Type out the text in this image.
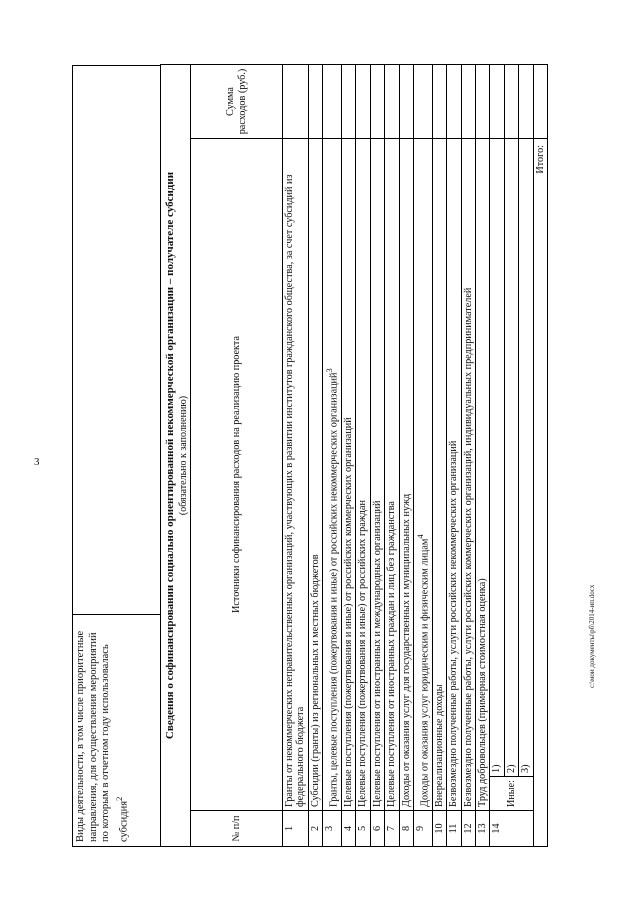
3
Виды деятельности, в том числе приоритетные направления, для осуществления мероприятий по которым в отчетном году использовалась субсидия$^2$
Сведения о софинансировании социально ориентированной некоммерческой организации – получателе субсидии (обязательно к заполнению)			

№ п/п	Источники софинансирования расходов на реализацию проекта		Сумма расходов (руб.)
1	Гранты от некоммерческих неправительственных организаций, участвующих в развитии институтов гражданского общества, за счет субсидий из федерального бюджета		
2	Субсидии (гранты) из региональных и местных бюджетов		
3	Гранты, целевые поступления (пожертвования и иные) от российских некоммерческих организаций$^3$	
4	Целевые поступления (пожертвования и иные) от российских коммерческих организаций		
5	Целевые поступления (пожертвования и иные) от российских граждан		
6	Целевые поступления от иностранных и международных организаций		
7	Целевые поступления от иностранных граждан и лиц без гражданства		
8	Доходы от оказания услуг для государственных и муниципальных нужд		
9	Доходы от оказания услуг юридическим и физическим лицам$^4$	
10	Внереализационные доходы		
11	Безвозмездно полученные работы, услуги российских некоммерческих организаций		
12	Безвозмездно полученные работы, услуги российских коммерческих организаций, индивидуальных предпринимателей		
13	Труд добровольцев (примерная стоимостная оценка)		
14	Иные:	1)	
		2)	
		3)	
Итого:			
c:\мои документы\рб\2014-ип.docx
